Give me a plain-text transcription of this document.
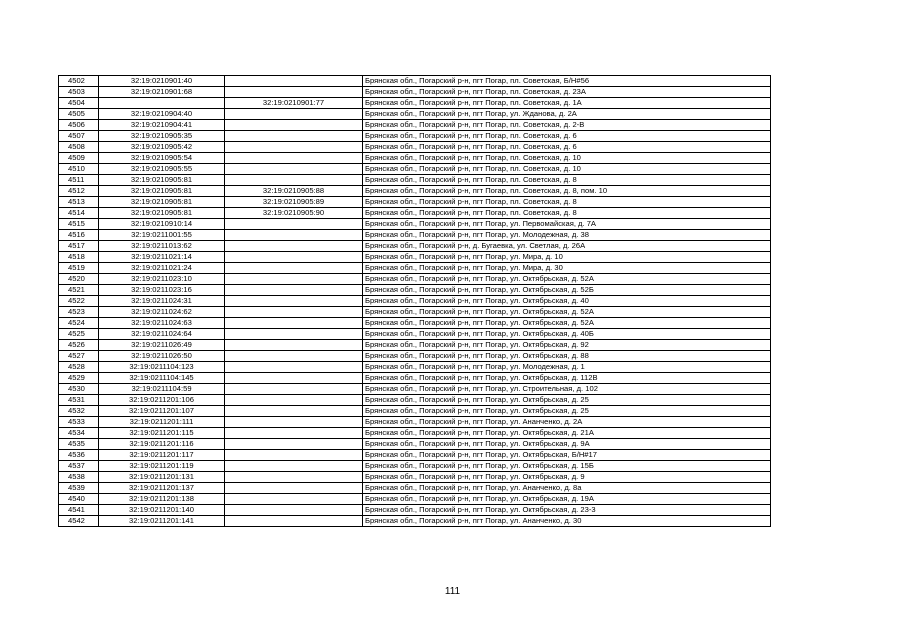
4502	32:19:0210901:40		Брянская обл., Погарский р-н, пгт Погар, пл. Советская, Б/Н#56
4503	32:19:0210901:68		Брянская обл., Погарский р-н, пгт Погар, пл. Советская, д. 23А
4504		32:19:0210901:77	Брянская обл., Погарский р-н, пгт Погар, пл. Советская, д. 1А
4505	32:19:0210904:40		Брянская обл., Погарский р-н, пгт Погар, ул. Жданова, д. 2А
4506	32:19:0210904:41		Брянская обл., Погарский р-н, пгт Погар, пл. Советская, д. 2-В
4507	32:19:0210905:35		Брянская обл., Погарский р-н, пгт Погар, пл. Советская, д. 6
4508	32:19:0210905:42		Брянская обл., Погарский р-н, пгт Погар, пл. Советская, д. 6
4509	32:19:0210905:54		Брянская обл., Погарский р-н, пгт Погар, пл. Советская, д. 10
4510	32:19:0210905:55		Брянская обл., Погарский р-н, пгт Погар, пл. Советская, д. 10
4511	32:19:0210905:81		Брянская обл., Погарский р-н, пгт Погар, пл. Советская, д. 8
4512	32:19:0210905:81	32:19:0210905:88	Брянская обл., Погарский р-н, пгт Погар, пл. Советская, д. 8, пом. 10
4513	32:19:0210905:81	32:19:0210905:89	Брянская обл., Погарский р-н, пгт Погар, пл. Советская, д. 8
4514	32:19:0210905:81	32:19:0210905:90	Брянская обл., Погарский р-н, пгт Погар, пл. Советская, д. 8
4515	32:19:0210910:14		Брянская обл., Погарский р-н, пгт Погар, ул. Первомайская, д. 7А
4516	32:19:0211001:55		Брянская обл., Погарский р-н, пгт Погар, ул. Молодежная, д. 38
4517	32:19:0211013:62		Брянская обл., Погарский р-н, д. Бугаевка, ул. Светлая, д. 26А
4518	32:19:0211021:14		Брянская обл., Погарский р-н, пгт Погар, ул. Мира, д. 10
4519	32:19:0211021:24		Брянская обл., Погарский р-н, пгт Погар, ул. Мира, д. 30
4520	32:19:0211023:10		Брянская обл., Погарский р-н, пгт Погар, ул. Октябрьская, д. 52А
4521	32:19:0211023:16		Брянская обл., Погарский р-н, пгт Погар, ул. Октябрьская, д. 52Б
4522	32:19:0211024:31		Брянская обл., Погарский р-н, пгт Погар, ул. Октябрьская, д. 40
4523	32:19:0211024:62		Брянская обл., Погарский р-н, пгт Погар, ул. Октябрьская, д. 52А
4524	32:19:0211024:63		Брянская обл., Погарский р-н, пгт Погар, ул. Октябрьская, д. 52А
4525	32:19:0211024:64		Брянская обл., Погарский р-н, пгт Погар, ул. Октябрьская, д. 40Б
4526	32:19:0211026:49		Брянская обл., Погарский р-н, пгт Погар, ул. Октябрьская, д. 92
4527	32:19:0211026:50		Брянская обл., Погарский р-н, пгт Погар, ул. Октябрьская, д. 88
4528	32:19:0211104:123		Брянская обл., Погарский р-н, пгт Погар, ул. Молодежная, д. 1
4529	32:19:0211104:145		Брянская обл., Погарский р-н, пгт Погар, ул. Октябрьская, д. 112В
4530	32:19:0211104:59		Брянская обл., Погарский р-н, пгт Погар, ул. Строительная, д. 102
4531	32:19:0211201:106		Брянская обл., Погарский р-н, пгт Погар, ул. Октябрьская, д. 25
4532	32:19:0211201:107		Брянская обл., Погарский р-н, пгт Погар, ул. Октябрьская, д. 25
4533	32:19:0211201:111		Брянская обл., Погарский р-н, пгт Погар, ул. Ананченко, д. 2А
4534	32:19:0211201:115		Брянская обл., Погарский р-н, пгт Погар, ул. Октябрьская, д. 21А
4535	32:19:0211201:116		Брянская обл., Погарский р-н, пгт Погар, ул. Октябрьская, д. 9А
4536	32:19:0211201:117		Брянская обл., Погарский р-н, пгт Погар, ул. Октябрьская, Б/Н#17
4537	32:19:0211201:119		Брянская обл., Погарский р-н, пгт Погар, ул. Октябрьская, д. 15Б
4538	32:19:0211201:131		Брянская обл., Погарский р-н, пгт Погар, ул. Октябрьская, д. 9
4539	32:19:0211201:137		Брянская обл., Погарский р-н, пгт Погар, ул. Ананченко, д. 8а
4540	32:19:0211201:138		Брянская обл., Погарский р-н, пгт Погар, ул. Октябрьская, д. 19А
4541	32:19:0211201:140		Брянская обл., Погарский р-н, пгт Погар, ул. Октябрьская, д. 23-3
4542	32:19:0211201:141		Брянская обл., Погарский р-н, пгт Погар, ул. Ананченко, д. 30
111
